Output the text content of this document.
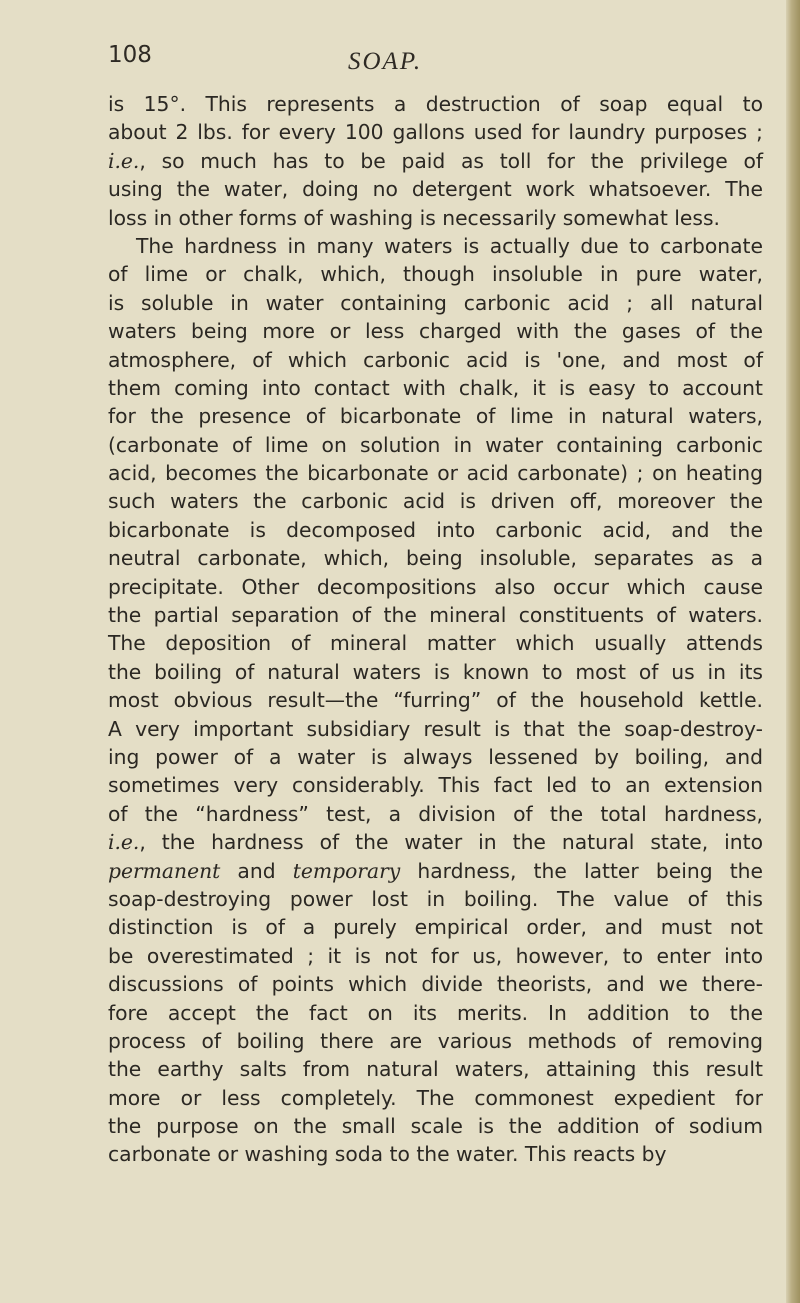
108	SOAP.
is 15°. This represents a destruction of soap equal to
about 2 lbs. for every 100 gallons used for laundry purposes ;
i.e., so much has to be paid as toll for the privilege of
using the water, doing no detergent work whatsoever. The
loss in other forms of washing is necessarily somewhat less.
The hardness in many waters is actually due to carbonate
of lime or chalk, which, though insoluble in pure water,
is soluble in water containing carbonic acid ; all natural
waters being more or less charged with the gases of the
atmosphere, of which carbonic acid is 'one, and most of
them coming into contact with chalk, it is easy to account
for the presence of bicarbonate of lime in natural waters,
(carbonate of lime on solution in water containing carbonic
acid, becomes the bicarbonate or acid carbonate) ; on heating
such waters the carbonic acid is driven off, moreover the
bicarbonate is decomposed into carbonic acid, and the
neutral carbonate, which, being insoluble, separates as a
precipitate. Other decompositions also occur which cause
the partial separation of the mineral constituents of waters.
The deposition of mineral matter which usually attends
the boiling of natural waters is known to most of us in its
most obvious result—the “furring” of the household kettle.
A very important subsidiary result is that the soap-destroy-
ing power of a water is always lessened by boiling, and
sometimes very considerably. This fact led to an extension
of the “hardness” test, a division of the total hardness,
i.e., the hardness of the water in the natural state, into
permanent and temporary hardness, the latter being the
soap-destroying power lost in boiling. The value of this
distinction is of a purely empirical order, and must not
be overestimated ; it is not for us, however, to enter into
discussions of points which divide theorists, and we there-
fore accept the fact on its merits. In addition to the
process of boiling there are various methods of removing
the earthy salts from natural waters, attaining this result
more or less completely. The commonest expedient for
the purpose on the small scale is the addition of sodium
carbonate or washing soda to the water. This reacts by
